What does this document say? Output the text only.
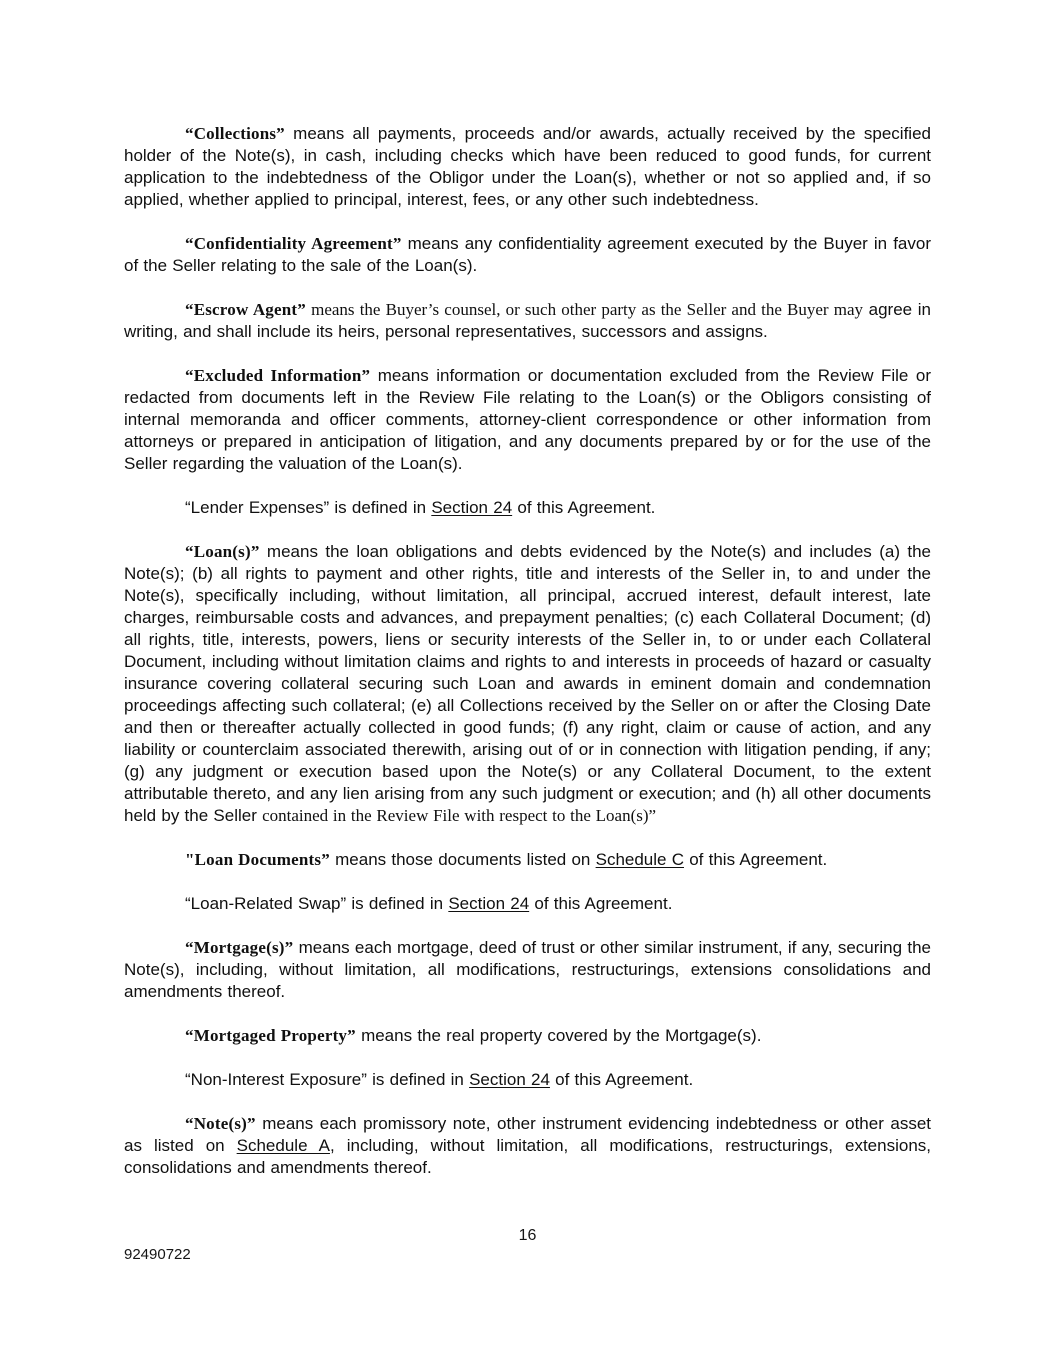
“Collections” means all payments, proceeds and/or awards, actually received by the specified holder of the Note(s), in cash, including checks which have been reduced to good funds, for current application to the indebtedness of the Obligor under the Loan(s), whether or not so applied and, if so applied, whether applied to principal, interest, fees, or any other such indebtedness.

“Confidentiality Agreement” means any confidentiality agreement executed by the Buyer in favor of the Seller relating to the sale of the Loan(s).

“Escrow Agent” means the Buyer’s counsel, or such other party as the Seller and the Buyer may agree in writing, and shall include its heirs, personal representatives, successors and assigns.

“Excluded Information” means information or documentation excluded from the Review File or redacted from documents left in the Review File relating to the Loan(s) or the Obligors consisting of internal memoranda and officer comments, attorney-client correspondence or other information from attorneys or prepared in anticipation of litigation, and any documents prepared by or for the use of the Seller regarding the valuation of the Loan(s).

“Lender Expenses” is defined in Section 24 of this Agreement.

“Loan(s)” means the loan obligations and debts evidenced by the Note(s) and includes (a) the Note(s); (b) all rights to payment and other rights, title and interests of the Seller in, to and under the Note(s), specifically including, without limitation, all principal, accrued interest, default interest, late charges, reimbursable costs and advances, and prepayment penalties; (c) each Collateral Document; (d) all rights, title, interests, powers, liens or security interests of the Seller in, to or under each Collateral Document, including without limitation claims and rights to and interests in proceeds of hazard or casualty insurance covering collateral securing such Loan and awards in eminent domain and condemnation proceedings affecting such collateral; (e) all Collections received by the Seller on or after the Closing Date and then or thereafter actually collected in good funds; (f) any right, claim or cause of action, and any liability or counterclaim associated therewith, arising out of or in connection with litigation pending, if any; (g) any judgment or execution based upon the Note(s) or any Collateral Document, to the extent attributable thereto, and any lien arising from any such judgment or execution; and (h) all other documents held by the Seller contained in the Review File with respect to the Loan(s)”

"Loan Documents” means those documents listed on Schedule C of this Agreement.

“Loan-Related Swap” is defined in Section 24 of this Agreement.

“Mortgage(s)” means each mortgage, deed of trust or other similar instrument, if any, securing the Note(s), including, without limitation, all modifications, restructurings, extensions consolidations and amendments thereof.

“Mortgaged Property” means the real property covered by the Mortgage(s).

“Non-Interest Exposure” is defined in Section 24 of this Agreement.

“Note(s)” means each promissory note, other instrument evidencing indebtedness or other asset as listed on Schedule A, including, without limitation, all modifications, restructurings, extensions, consolidations and amendments thereof.

16
92490722
